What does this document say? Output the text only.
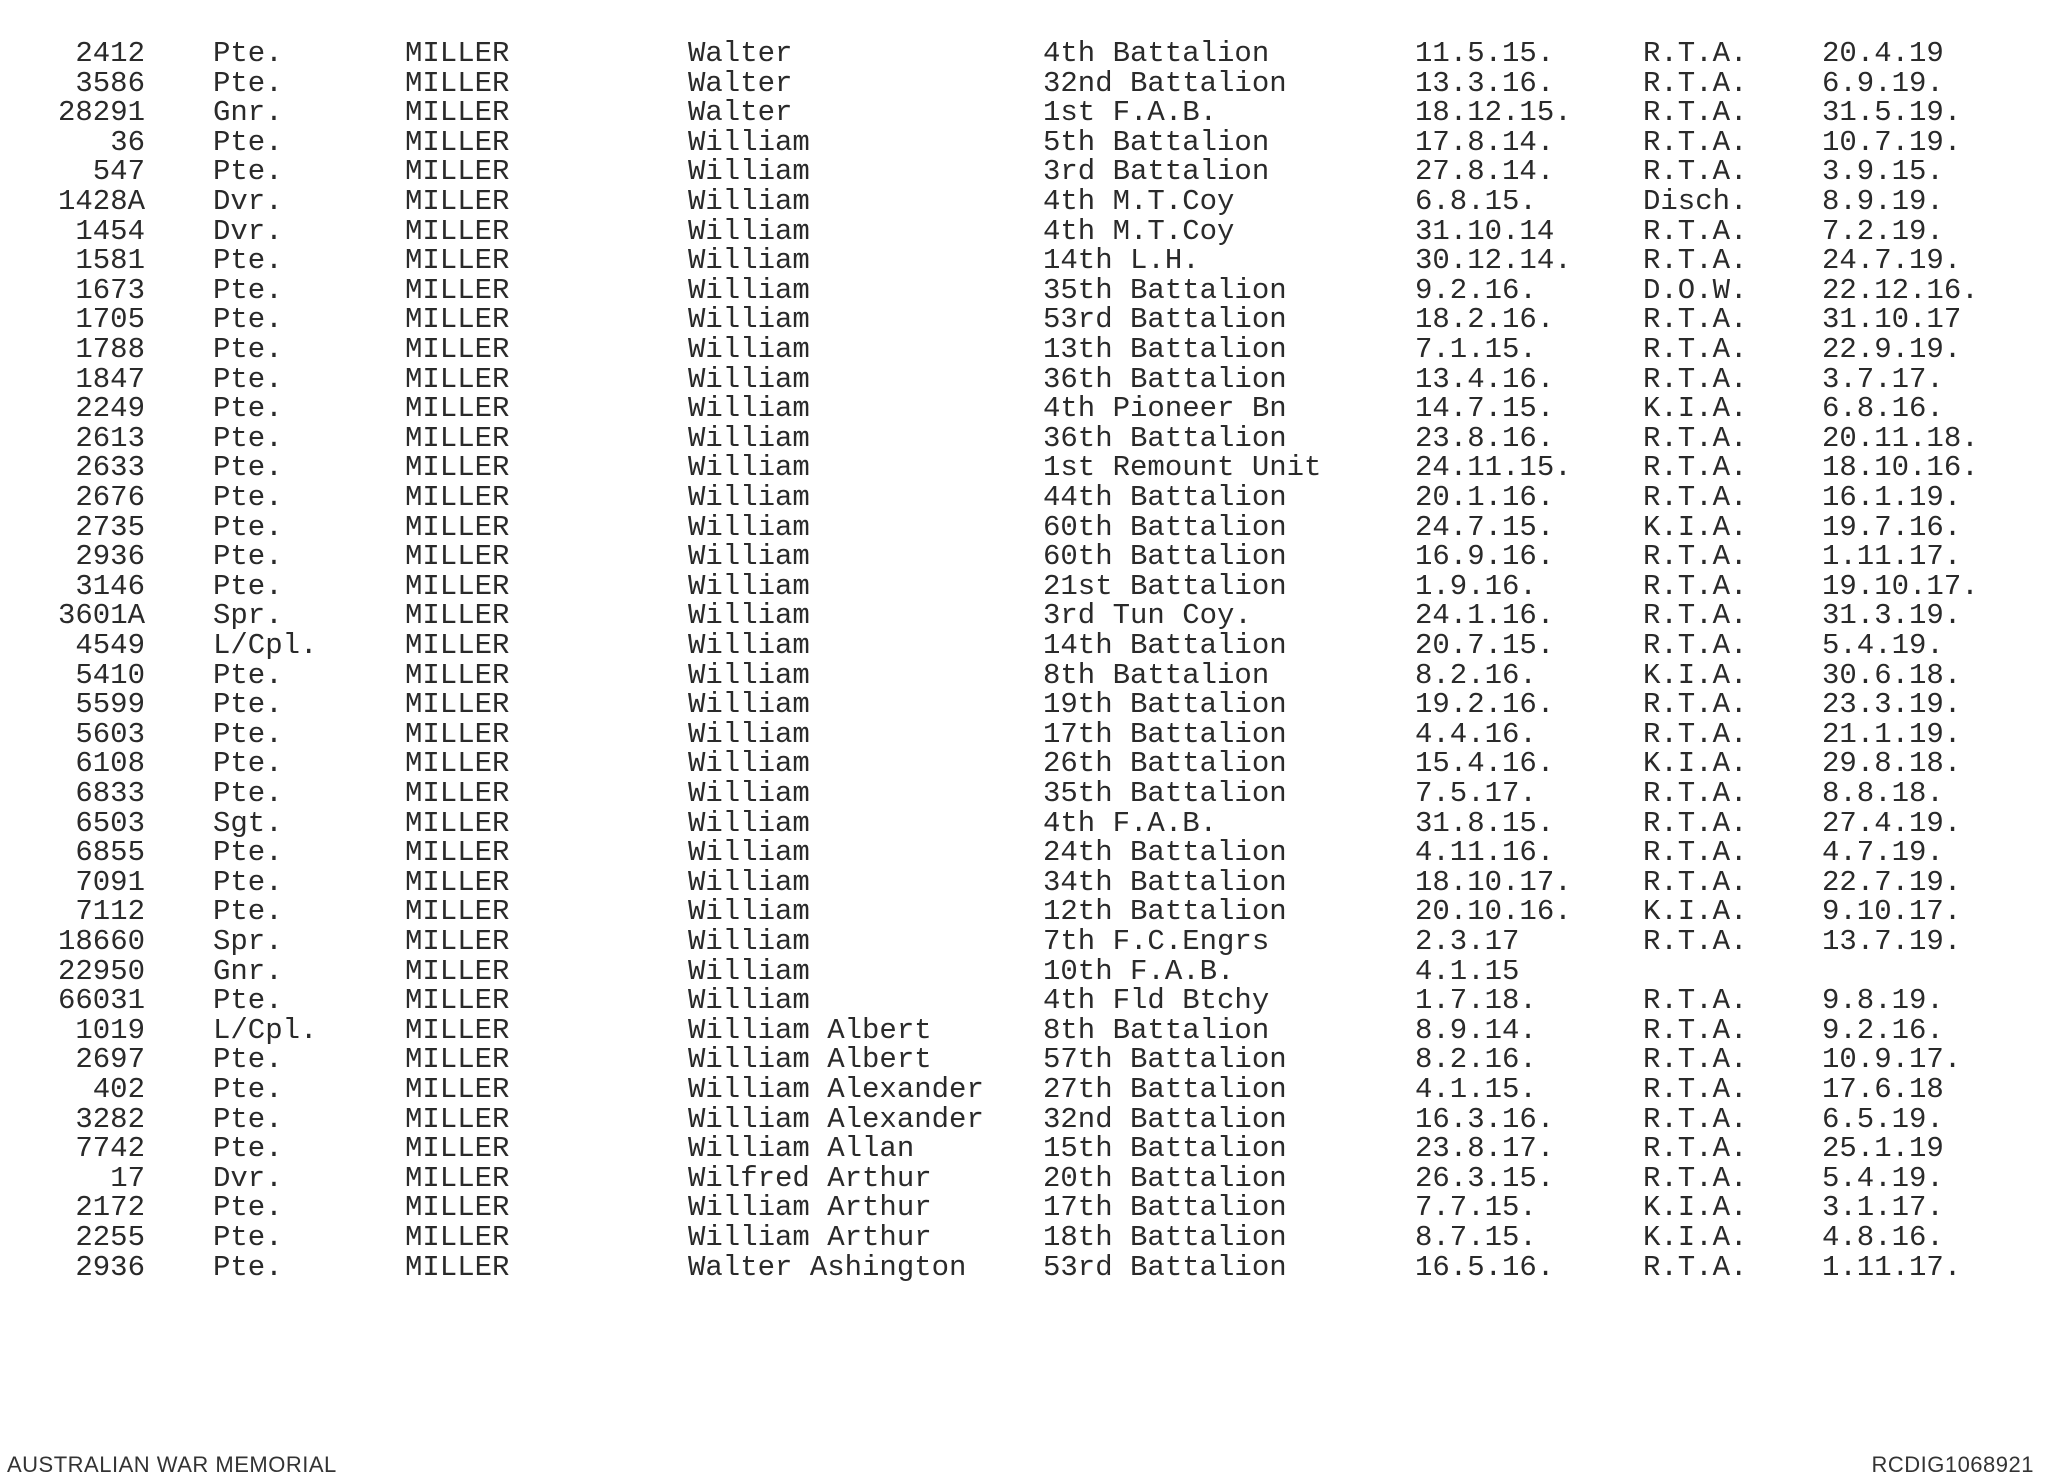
2412 Pte.	MILLER	Walter	4th Battalion	11.5.15.	R.T.A.	20.4.19
3586 Pte.	MILLER	Walter	32nd Battalion	13.3.16.	R.T.A.	6.9.19.
28291 Gnr.	MILLER	Walter	1st F.A.B.	18.12.15. R.T.A.	31.5.19.
36 Pte.	MILLER	William	5th Battalion	17.8.14.	R.T.A.	10.7.19.
547 Pte.	MILLER	William	3rd Battalion	27.8.14.	R.T.A.	3.9.15.
1428A Dvr.	MILLER	William	4th M.T.Coy	6.8.15.	Disch.	8.9.19.
1454 Dvr.	MILLER	William	4th M.T.Coy	31.10.14	R.T.A.	7.2.19.
1581 Pte.	MILLER	William	14th L.H.	30.12.14. R.T.A.	24.7.19.
1673 Pte.	MILLER	William	35th Battalion	9.2.16.	D.O.W.	22.12.16.
1705 Pte.	MILLER	William	53rd Battalion	18.2.16.	R.T.A.	31.10.17
1788 Pte.	MILLER	William	13th Battalion	7.1.15.	R.T.A.	22.9.19.
1847 Pte.	MILLER	William	36th Battalion	13.4.16.	R.T.A.	3.7.17.
2249 Pte.	MILLER	William	4th Pioneer Bn	14.7.15.	K.I.A.	6.8.16.
2613 Pte.	MILLER	William	36th Battalion	23.8.16.	R.T.A.	20.11.18.
2633 Pte.	MILLER	William	1st Remount Unit	24.11.15. R.T.A.	18.10.16.
2676 Pte.	MILLER	William	44th Battalion	20.1.16.	R.T.A.	16.1.19.
2735 Pte.	MILLER	William	60th Battalion	24.7.15.	K.I.A.	19.7.16.
2936 Pte.	MILLER	William	60th Battalion	16.9.16.	R.T.A.	1.11.17.
3146 Pte.	MILLER	William	21st Battalion	1.9.16.	R.T.A.	19.10.17.
3601A Spr.	MILLER	William	3rd Tun Coy.	24.1.16.	R.T.A.	31.3.19.
4549 L/Cpl.	MILLER	William	14th Battalion	20.7.15.	R.T.A.	5.4.19.
5410 Pte.	MILLER	William	8th Battalion	8.2.16.	K.I.A.	30.6.18.
5599 Pte.	MILLER	William	19th Battalion	19.2.16.	R.T.A.	23.3.19.
5603 Pte.	MILLER	William	17th Battalion	4.4.16.	R.T.A.	21.1.19.
6108 Pte.	MILLER	William	26th Battalion	15.4.16.	K.I.A.	29.8.18.
6833 Pte.	MILLER	William	35th Battalion	7.5.17.	R.T.A.	8.8.18.
6503 Sgt.	MILLER	William	4th F.A.B.	31.8.15.	R.T.A.	27.4.19.
6855 Pte.	MILLER	William	24th Battalion	4.11.16.	R.T.A.	4.7.19.
7091 Pte.	MILLER	William	34th Battalion	18.10.17. R.T.A.	22.7.19.
7112 Pte.	MILLER	William	12th Battalion	20.10.16. K.I.A.	9.10.17.
18660 Spr.	MILLER	William	7th F.C.Engrs	2.3.17	R.T.A.	13.7.19.
22950 Gnr.	MILLER	William	10th F.A.B.	4.1.15
66031 Pte.	MILLER	William	4th Fld Btchy	1.7.18.	R.T.A.	9.8.19.
1019 L/Cpl.	MILLER	William Albert	8th Battalion	8.9.14.	R.T.A.	9.2.16.
2697 Pte.	MILLER	William Albert	57th Battalion	8.2.16.	R.T.A.	10.9.17.
402 Pte.	MILLER	William Alexander 27th Battalion	4.1.15.	R.T.A.	17.6.18
3282 Pte.	MILLER	William Alexander 32nd Battalion	16.3.16.	R.T.A.	6.5.19.
7742 Pte.	MILLER	William Allan	15th Battalion	23.8.17.	R.T.A.	25.1.19
17 Dvr.	MILLER	Wilfred Arthur	20th Battalion	26.3.15.	R.T.A.	5.4.19.
2172 Pte.	MILLER	William Arthur	17th Battalion	7.7.15.	K.I.A.	3.1.17.
2255 Pte.	MILLER	William Arthur	18th Battalion	8.7.15.	K.I.A.	4.8.16.
2936 Pte.	MILLER	Walter Ashington	53rd Battalion	16.5.16.	R.T.A.	1.11.17.
AUSTRALIAN WAR MEMORIAL	RCDIG1068921
